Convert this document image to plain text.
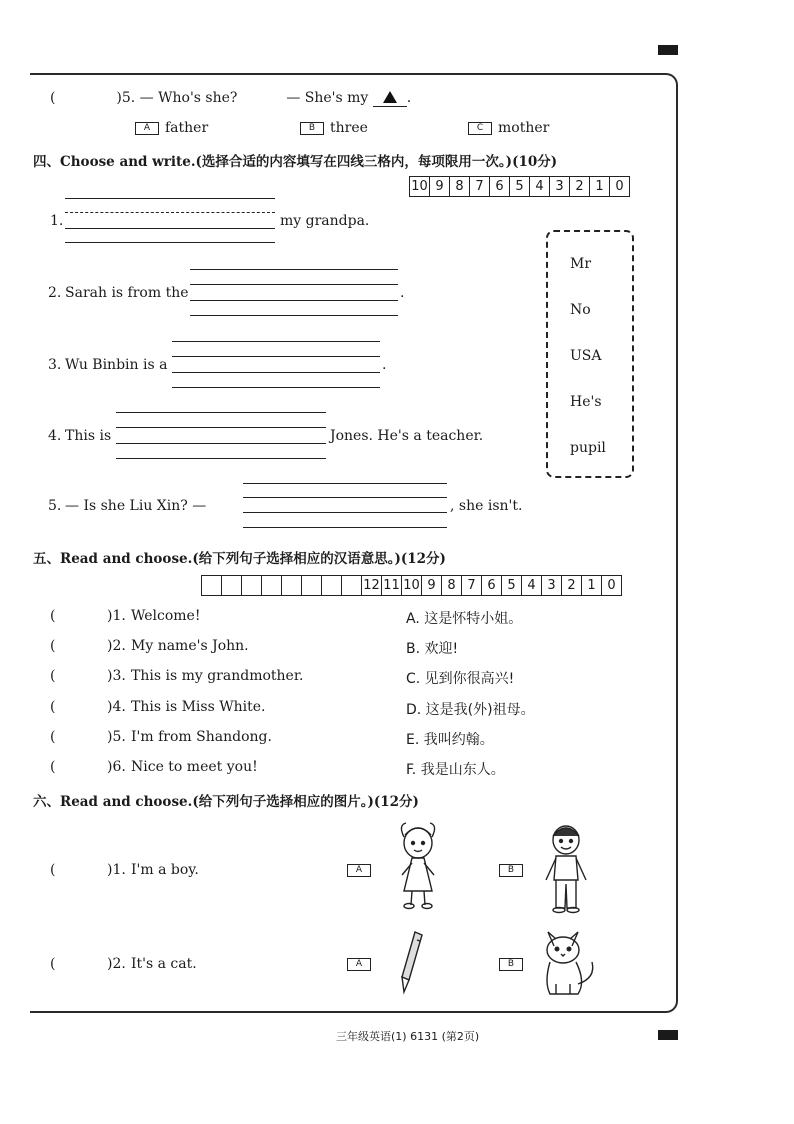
(	)5. — Who's she?	— She's my	.
A father	B three	C mother
四、Choose and write.(选择合适的内容填写在四线三格内，每项限用一次。)(10分)
10	9	8	7	6	5	4	3	2	1	0
1.	my grandpa.
2. Sarah is from the	.
3. Wu Binbin is a	.
4. This is	Jones. He's a teacher.
5. — Is she Liu Xin? —	, she isn't.
Mr
No
USA
He's
pupil
五、Read and choose.(给下列句子选择相应的汉语意思。)(12分)
								12	11	10	9	8	7	6	5	4	3	2	1	0
(	)1. Welcome!	A. 这是怀特小姐。
(	)2. My name's John.	B. 欢迎!
(	)3. This is my grandmother.	C. 见到你很高兴!
(	)4. This is Miss White.	D. 这是我(外)祖母。
(	)5. I'm from Shandong.	E. 我叫约翰。
(	)6. Nice to meet you!	F. 我是山东人。
六、Read and choose.(给下列句子选择相应的图片。)(12分)
(	)1. I'm a boy.	A	B
(	)2. It's a cat.	A	B
三年级英语(1) 6131 (第2页)
